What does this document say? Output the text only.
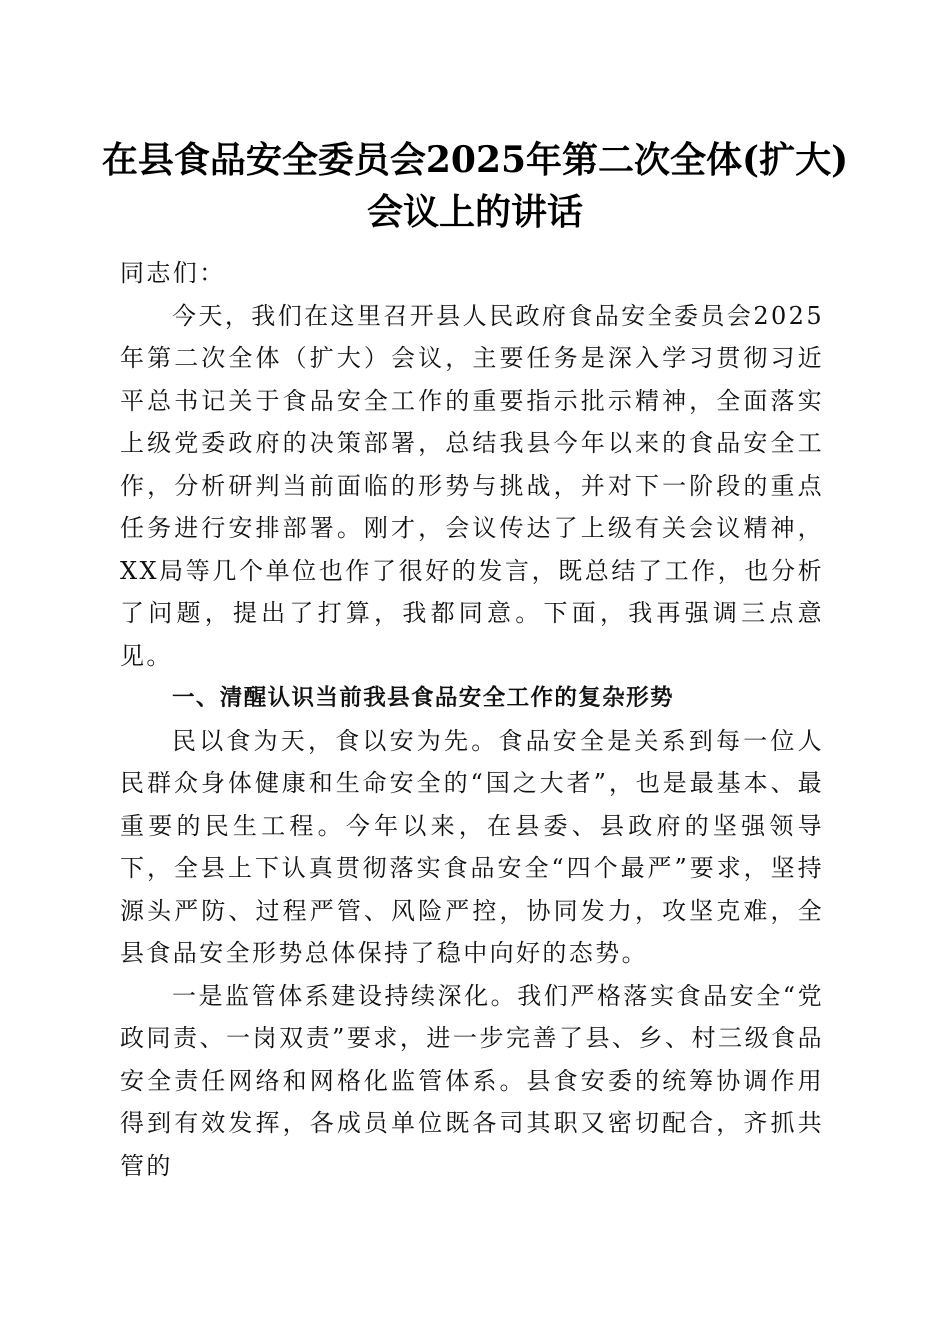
在县食品安全委员会2025年第二次全体(扩大)
会议上的讲话

同志们：

今天，我们在这里召开县人民政府食品安全委员会2025年第二次全体（扩大）会议，主要任务是深入学习贯彻习近平总书记关于食品安全工作的重要指示批示精神，全面落实上级党委政府的决策部署，总结我县今年以来的食品安全工作，分析研判当前面临的形势与挑战，并对下一阶段的重点任务进行安排部署。刚才，会议传达了上级有关会议精神，XX局等几个单位也作了很好的发言，既总结了工作，也分析了问题，提出了打算，我都同意。下面，我再强调三点意见。

一、清醒认识当前我县食品安全工作的复杂形势

民以食为天，食以安为先。食品安全是关系到每一位人民群众身体健康和生命安全的“国之大者”，也是最基本、最重要的民生工程。今年以来，在县委、县政府的坚强领导下，全县上下认真贯彻落实食品安全“四个最严”要求，坚持源头严防、过程严管、风险严控，协同发力，攻坚克难，全县食品安全形势总体保持了稳中向好的态势。

一是监管体系建设持续深化。我们严格落实食品安全“党政同责、一岗双责”要求，进一步完善了县、乡、村三级食品安全责任网络和网格化监管体系。县食安委的统筹协调作用得到有效发挥，各成员单位既各司其职又密切配合，齐抓共管的
